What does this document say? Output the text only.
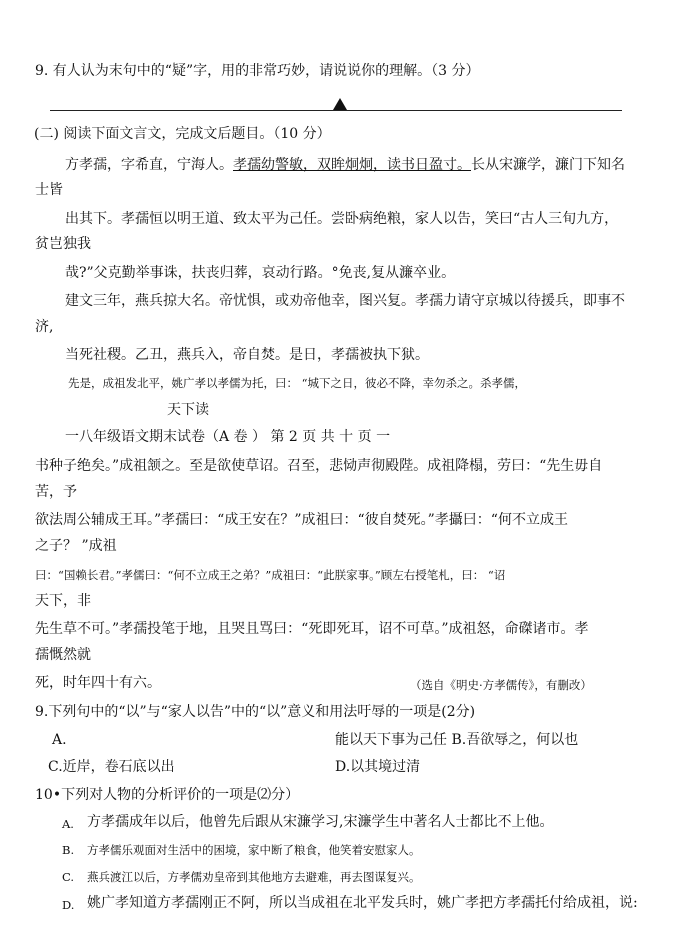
9. 有人认为末句中的“疑”字，用的非常巧妙，请说说你的理解。（3 分）
(二) 阅读下面文言文，完成文后题目。（10 分）
方孝孺，字希直，宁海人。孝孺幼警敏，双眸炯炯，读书日盈寸。长从宋濂学，濂门下知名
士皆
出其下。孝孺恒以明王道、致太平为己任。尝卧病绝粮，家人以告，笑曰“古人三旬九方，
贫岂独我
哉?”父克勤举事诛，扶丧归葬，哀动行路。°免丧,复从濂卒业。
建文三年，燕兵掠大名。帝忧惧，或劝帝他幸，图兴复。孝孺力请守京城以待援兵，即事不
济,
当死社稷。乙丑，燕兵入，帝自焚。是日，孝孺被执下狱。
先是，成祖发北平，姚广孝以孝儒为托，曰： “城下之日，彼必不降，幸勿杀之。杀孝儒，
天下读
一八年级语文期末试卷（A 卷 ） 第 2 页 共 十 页 一
书种子绝矣。”成祖颔之。至是欲使草诏。召至，悲恸声彻殿陛。成祖降榻，劳曰：“先生毋自
苦，予
欲法周公辅成王耳。”孝孺曰：“成王安在？”成祖曰：“彼自焚死。”孝攝曰：“何不立成王
之子？ ”成祖
曰：“国赖长君。”孝儒曰：“何不立成王之弟？”成祖曰：“此朕家事。”顾左右授笔札，曰： “诏
天下，非
先生草不可。”孝孺投笔于地，且哭且骂曰：“死即死耳，诏不可草。”成祖怒，命磔诸市。孝
孺慨然就
死，时年四十有六。	（选自《明史·方孝儒传》，有删改）
9.下列句中的“以”与“家人以告”中的“以”意义和用法吁辱的一项是(2分)
A.	能以天下事为己任 B.吾欲辱之，何以也
C.近岸，卷石底以出	D.以其境过清
10•下列对人物的分析评价的一项是⑵分）
A. 方孝孺成年以后，他曾先后跟从宋濂学习,宋濂学生中著名人士都比不上他。
B. 方孝儒乐观面对生活中的困境，家中断了粮食，他笑着安慰家人。
C. 燕兵渡江以后，方孝儒劝皇帝到其他地方去避难，再去图谋复兴。
D. 姚广孝知道方孝孺刚正不阿，所以当成祖在北平发兵时，姚广孝把方孝孺托付给成祖，说:
